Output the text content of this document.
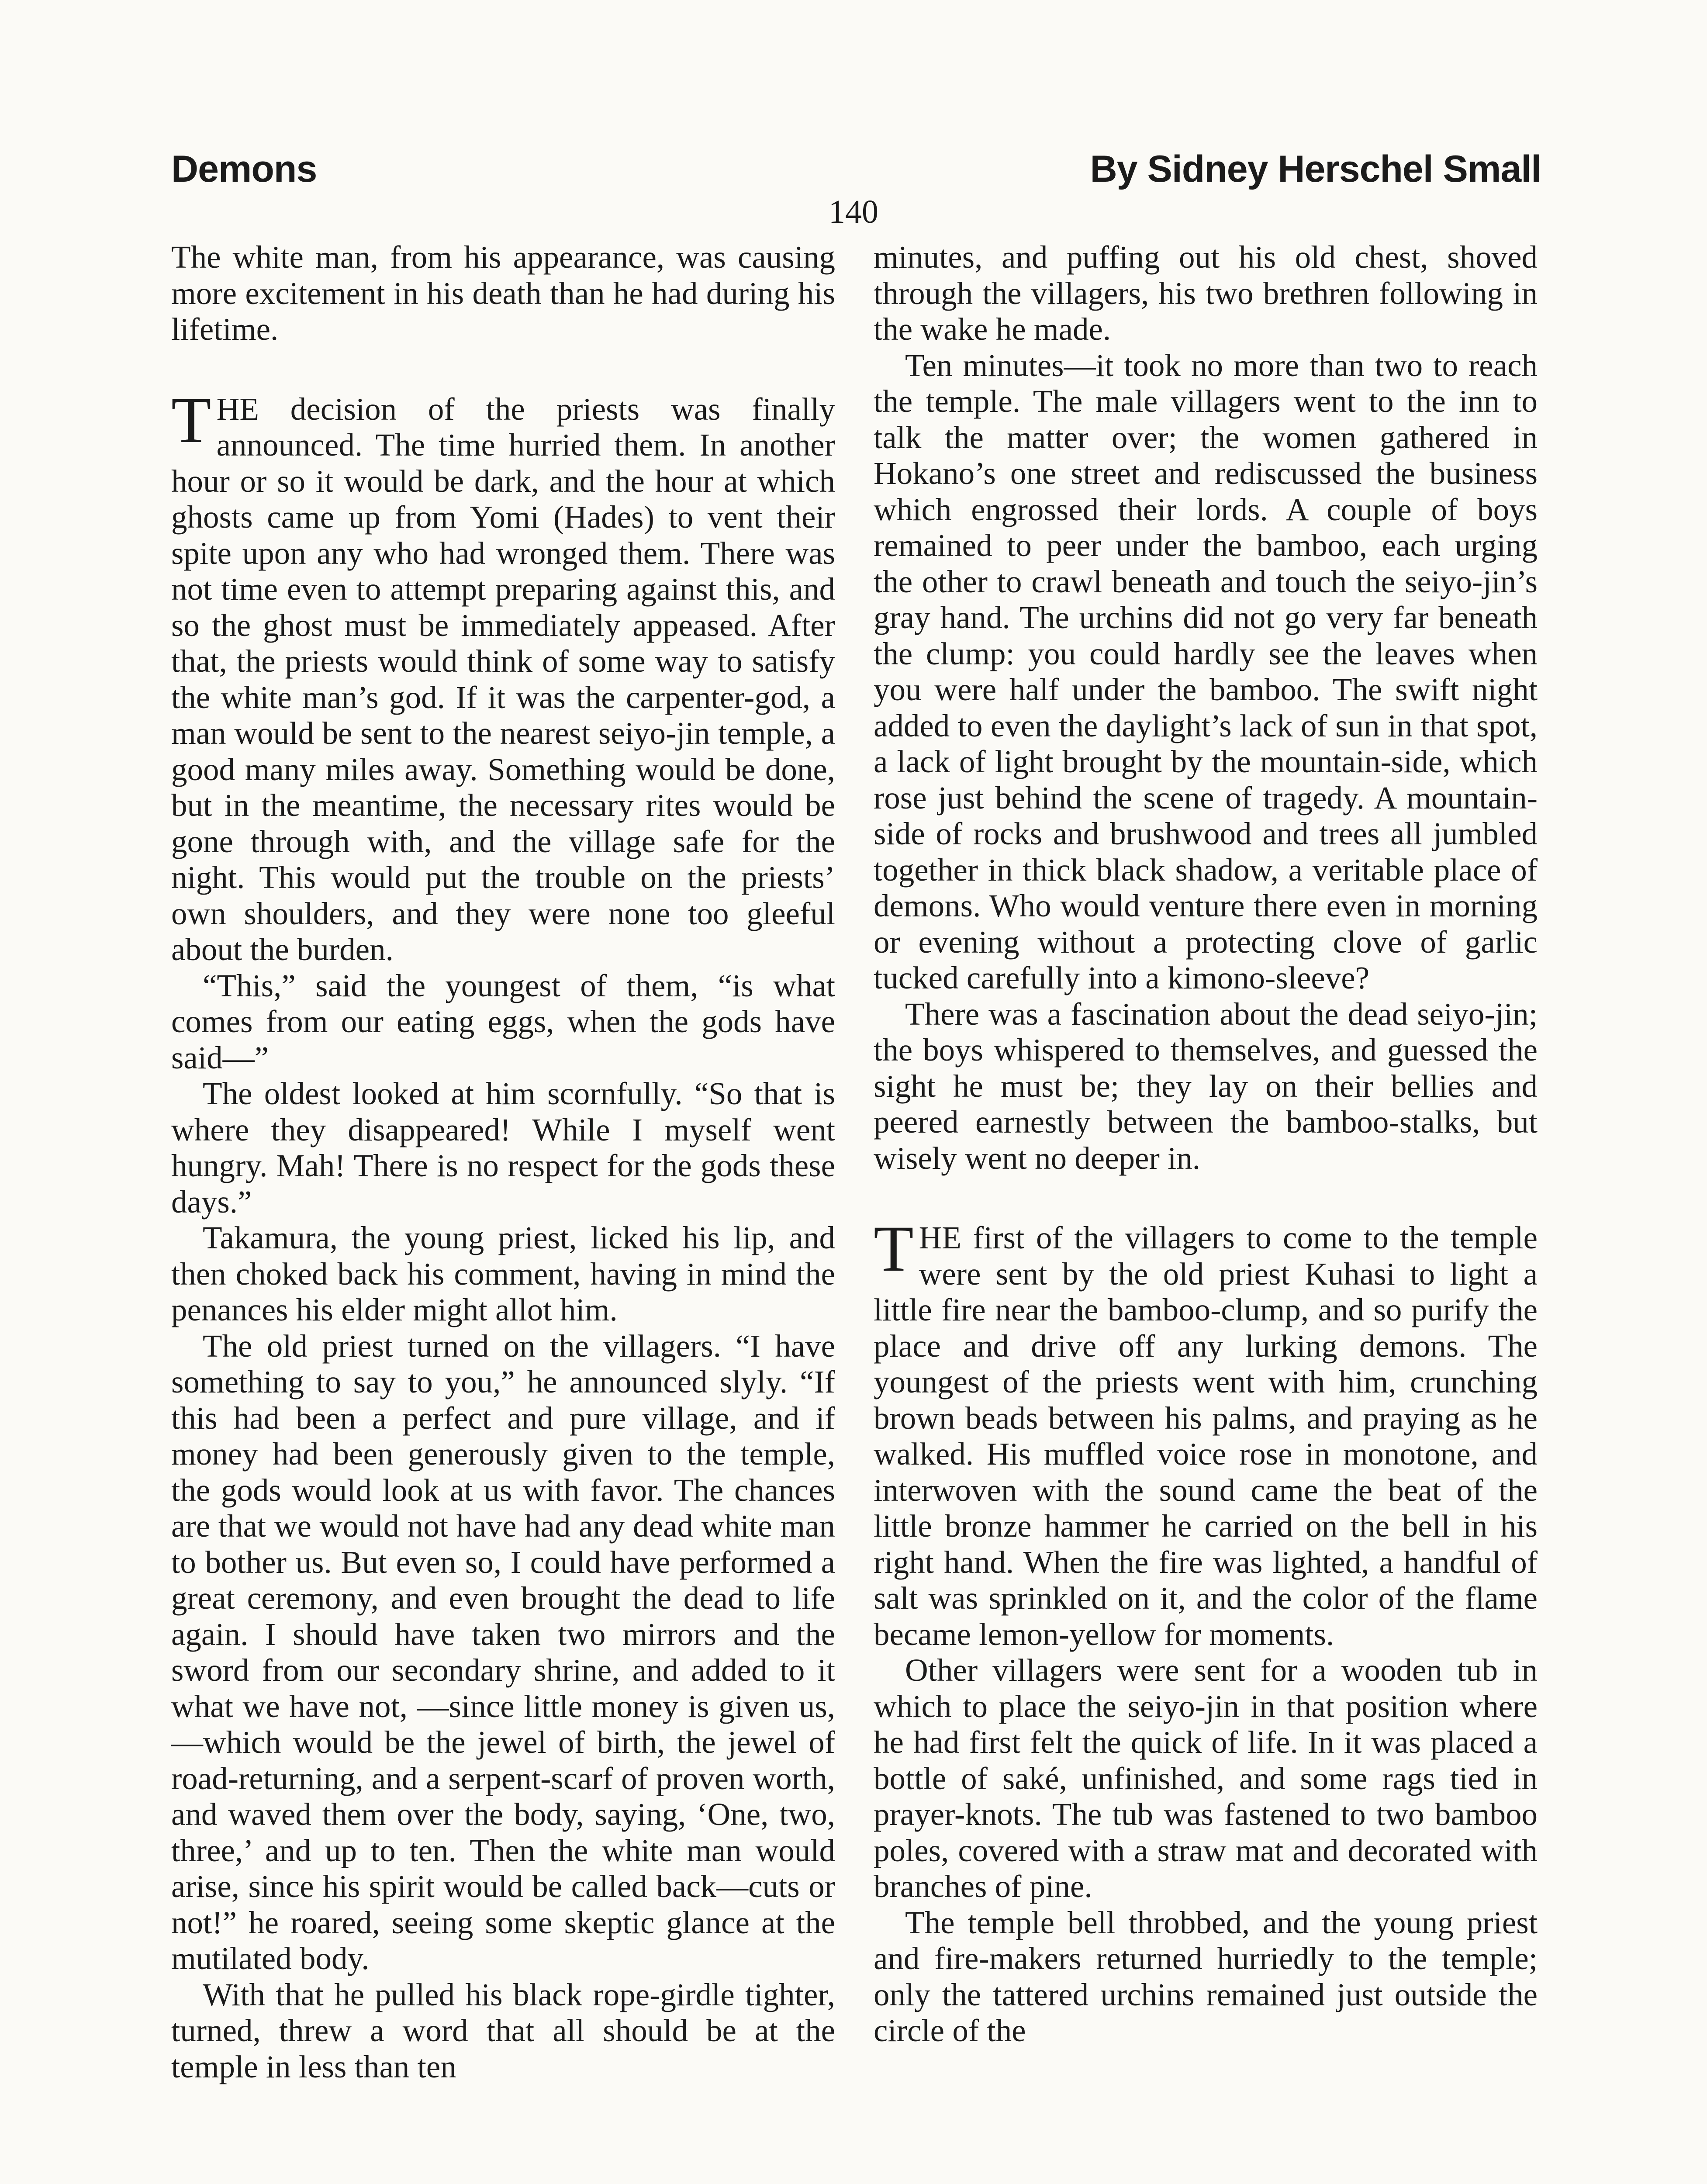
Demons	By Sidney Herschel Small
140

The white man, from his appearance, was causing more excitement in his death than he had during his lifetime.

THE decision of the priests was finally announced. The time hurried them. In another hour or so it would be dark, and the hour at which ghosts came up from Yomi (Hades) to vent their spite upon any who had wronged them. There was not time even to attempt preparing against this, and so the ghost must be immediately appeased. After that, the priests would think of some way to satisfy the white man’s god. If it was the carpenter-god, a man would be sent to the nearest seiyo-jin temple, a good many miles away. Something would be done, but in the meantime, the necessary rites would be gone through with, and the village safe for the night. This would put the trouble on the priests’ own shoulders, and they were none too gleeful about the burden.

“This,” said the youngest of them, “is what comes from our eating eggs, when the gods have said—”

The oldest looked at him scornfully. “So that is where they disappeared! While I myself went hungry. Mah! There is no respect for the gods these days.”

Takamura, the young priest, licked his lip, and then choked back his comment, having in mind the penances his elder might allot him.

The old priest turned on the villagers. “I have something to say to you,” he announced slyly. “If this had been a perfect and pure village, and if money had been generously given to the temple, the gods would look at us with favor. The chances are that we would not have had any dead white man to bother us. But even so, I could have performed a great ceremony, and even brought the dead to life again. I should have taken two mirrors and the sword from our secondary shrine, and added to it what we have not, —since little money is given us,—which would be the jewel of birth, the jewel of road-returning, and a serpent-scarf of proven worth, and waved them over the body, saying, ‘One, two, three,’ and up to ten. Then the white man would arise, since his spirit would be called back—cuts or not!” he roared, seeing some skeptic glance at the mutilated body.

With that he pulled his black rope-girdle tighter, turned, threw a word that all should be at the temple in less than ten

minutes, and puffing out his old chest, shoved through the villagers, his two brethren following in the wake he made.

Ten minutes—it took no more than two to reach the temple. The male villagers went to the inn to talk the matter over; the women gathered in Hokano’s one street and rediscussed the business which engrossed their lords. A couple of boys remained to peer under the bamboo, each urging the other to crawl beneath and touch the seiyo-jin’s gray hand. The urchins did not go very far beneath the clump: you could hardly see the leaves when you were half under the bamboo. The swift night added to even the daylight’s lack of sun in that spot, a lack of light brought by the mountain-side, which rose just behind the scene of tragedy. A mountain-side of rocks and brushwood and trees all jumbled together in thick black shadow, a veritable place of demons. Who would venture there even in morning or evening without a protecting clove of garlic tucked carefully into a kimono-sleeve?

There was a fascination about the dead seiyo-jin; the boys whispered to themselves, and guessed the sight he must be; they lay on their bellies and peered earnestly between the bamboo-stalks, but wisely went no deeper in.

THE first of the villagers to come to the temple were sent by the old priest Kuhasi to light a little fire near the bamboo-clump, and so purify the place and drive off any lurking demons. The youngest of the priests went with him, crunching brown beads between his palms, and praying as he walked. His muffled voice rose in monotone, and interwoven with the sound came the beat of the little bronze hammer he carried on the bell in his right hand. When the fire was lighted, a handful of salt was sprinkled on it, and the color of the flame became lemon-yellow for moments.

Other villagers were sent for a wooden tub in which to place the seiyo-jin in that position where he had first felt the quick of life. In it was placed a bottle of saké, unfinished, and some rags tied in prayer-knots. The tub was fastened to two bamboo poles, covered with a straw mat and decorated with branches of pine.

The temple bell throbbed, and the young priest and fire-makers returned hurriedly to the temple; only the tattered urchins remained just outside the circle of the
